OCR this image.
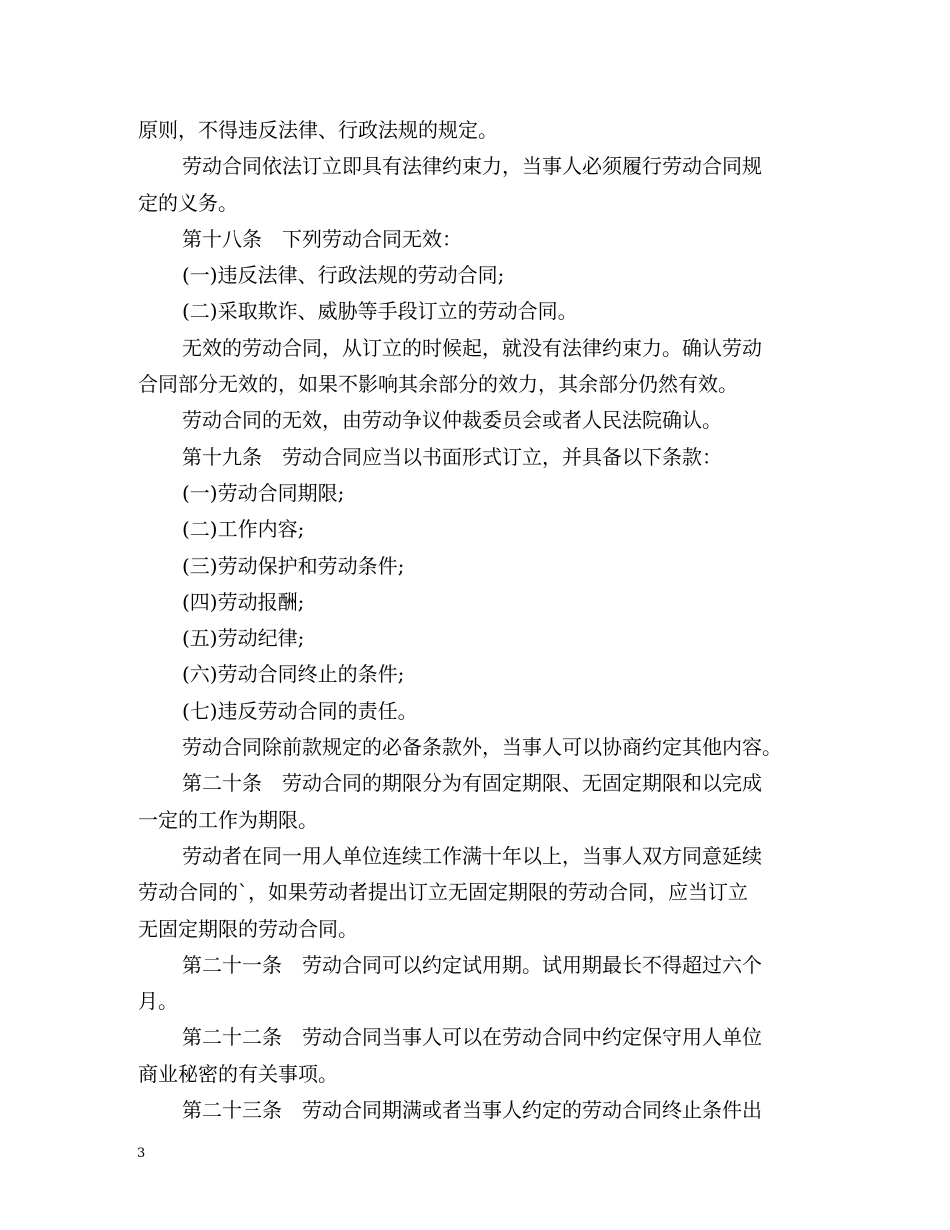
原则，不得违反法律、行政法规的规定。
劳动合同依法订立即具有法律约束力，当事人必须履行劳动合同规
定的义务。
第十八条　下列劳动合同无效：
(一)违反法律、行政法规的劳动合同;
(二)采取欺诈、威胁等手段订立的劳动合同。
无效的劳动合同，从订立的时候起，就没有法律约束力。确认劳动
合同部分无效的，如果不影响其余部分的效力，其余部分仍然有效。
劳动合同的无效，由劳动争议仲裁委员会或者人民法院确认。
第十九条　劳动合同应当以书面形式订立，并具备以下条款：
(一)劳动合同期限;
(二)工作内容;
(三)劳动保护和劳动条件;
(四)劳动报酬;
(五)劳动纪律;
(六)劳动合同终止的条件;
(七)违反劳动合同的责任。
劳动合同除前款规定的必备条款外，当事人可以协商约定其他内容。
第二十条　劳动合同的期限分为有固定期限、无固定期限和以完成
一定的工作为期限。
劳动者在同一用人单位连续工作满十年以上，当事人双方同意延续
劳动合同的`，如果劳动者提出订立无固定期限的劳动合同，应当订立
无固定期限的劳动合同。
第二十一条　劳动合同可以约定试用期。试用期最长不得超过六个
月。
第二十二条　劳动合同当事人可以在劳动合同中约定保守用人单位
商业秘密的有关事项。
第二十三条　劳动合同期满或者当事人约定的劳动合同终止条件出
3
